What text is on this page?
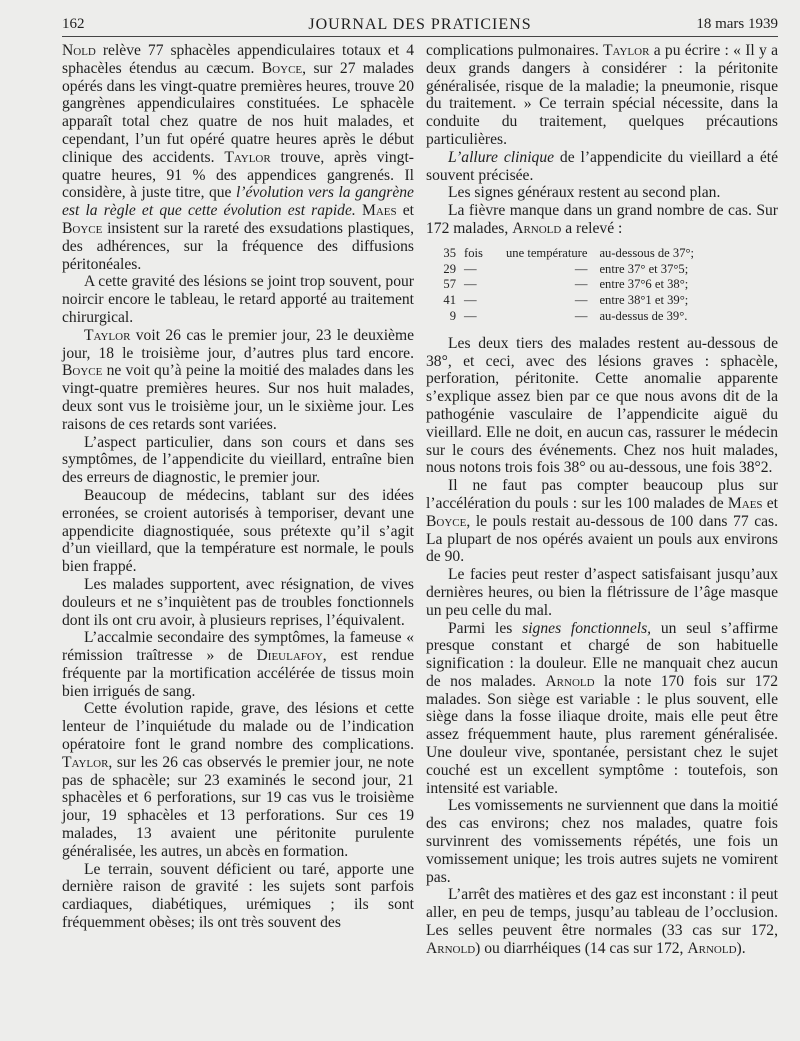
162	JOURNAL DES PRATICIENS	18 mars 1939

Nold relève 77 sphacèles appendiculaires totaux et 4 sphacèles étendus au cæcum. Boyce, sur 27 malades opérés dans les vingt-quatre premières heures, trouve 20 gangrènes appendiculaires constituées. Le sphacèle apparaît total chez quatre de nos huit malades, et cependant, l’un fut opéré quatre heures après le début clinique des accidents. Taylor trouve, après vingt-quatre heures, 91 % des appendices gangrenés. Il considère, à juste titre, que l’évolution vers la gangrène est la règle et que cette évolution est rapide. Maes et Boyce insistent sur la rareté des exsudations plastiques, des adhérences, sur la fréquence des diffusions péritonéales.

A cette gravité des lésions se joint trop souvent, pour noircir encore le tableau, le retard apporté au traitement chirurgical.

Taylor voit 26 cas le premier jour, 23 le deuxième jour, 18 le troisième jour, d’autres plus tard encore. Boyce ne voit qu’à peine la moitié des malades dans les vingt-quatre premières heures. Sur nos huit malades, deux sont vus le troisième jour, un le sixième jour. Les raisons de ces retards sont variées.

L’aspect particulier, dans son cours et dans ses symptômes, de l’appendicite du vieillard, entraîne bien des erreurs de diagnostic, le premier jour.

Beaucoup de médecins, tablant sur des idées erronées, se croient autorisés à temporiser, devant une appendicite diagnostiquée, sous prétexte qu’il s’agit d’un vieillard, que la température est normale, le pouls bien frappé.

Les malades supportent, avec résignation, de vives douleurs et ne s’inquiètent pas de troubles fonctionnels dont ils ont cru avoir, à plusieurs reprises, l’équivalent.

L’accalmie secondaire des symptômes, la fameuse « rémission traîtresse » de Dieulafoy, est rendue fréquente par la mortification accélérée de tissus moin bien irrigués de sang.

Cette évolution rapide, grave, des lésions et cette lenteur de l’inquiétude du malade ou de l’indication opératoire font le grand nombre des complications. Taylor, sur les 26 cas observés le premier jour, ne note pas de sphacèle; sur 23 examinés le second jour, 21 sphacèles et 6 perforations, sur 19 cas vus le troisième jour, 19 sphacèles et 13 perforations. Sur ces 19 malades, 13 avaient une péritonite purulente généralisée, les autres, un abcès en formation.

Le terrain, souvent déficient ou taré, apporte une dernière raison de gravité : les sujets sont parfois cardiaques, diabétiques, urémiques ; ils sont fréquemment obèses; ils ont très souvent des

complications pulmonaires. Taylor a pu écrire : « Il y a deux grands dangers à considérer : la péritonite généralisée, risque de la maladie; la pneumonie, risque du traitement. » Ce terrain spécial nécessite, dans la conduite du traitement, quelques précautions particulières.

L’allure clinique de l’appendicite du vieillard a été souvent précisée.

Les signes généraux restent au second plan.

La fièvre manque dans un grand nombre de cas. Sur 172 malades, Arnold a relevé :

35	fois	une température	au-dessous de 37°;
29	—	—	entre 37° et 37°5;
57	—	—	entre 37°6 et 38°;
41	—	—	entre 38°1 et 39°;
9	—	—	au-dessus de 39°.

Les deux tiers des malades restent au-dessous de 38°, et ceci, avec des lésions graves : sphacèle, perforation, péritonite. Cette anomalie apparente s’explique assez bien par ce que nous avons dit de la pathogénie vasculaire de l’appendicite aiguë du vieillard. Elle ne doit, en aucun cas, rassurer le médecin sur le cours des événements. Chez nos huit malades, nous notons trois fois 38° ou au-dessous, une fois 38°2.

Il ne faut pas compter beaucoup plus sur l’accélération du pouls : sur les 100 malades de Maes et Boyce, le pouls restait au-dessous de 100 dans 77 cas. La plupart de nos opérés avaient un pouls aux environs de 90.

Le facies peut rester d’aspect satisfaisant jusqu’aux dernières heures, ou bien la flétrissure de l’âge masque un peu celle du mal.

Parmi les signes fonctionnels, un seul s’affirme presque constant et chargé de son habituelle signification : la douleur. Elle ne manquait chez aucun de nos malades. Arnold la note 170 fois sur 172 malades. Son siège est variable : le plus souvent, elle siège dans la fosse iliaque droite, mais elle peut être assez fréquemment haute, plus rarement généralisée. Une douleur vive, spontanée, persistant chez le sujet couché est un excellent symptôme : toutefois, son intensité est variable.

Les vomissements ne surviennent que dans la moitié des cas environs; chez nos malades, quatre fois survinrent des vomissements répétés, une fois un vomissement unique; les trois autres sujets ne vomirent pas.

L’arrêt des matières et des gaz est inconstant : il peut aller, en peu de temps, jusqu’au tableau de l’occlusion. Les selles peuvent être normales (33 cas sur 172, Arnold) ou diarrhéiques (14 cas sur 172, Arnold).
